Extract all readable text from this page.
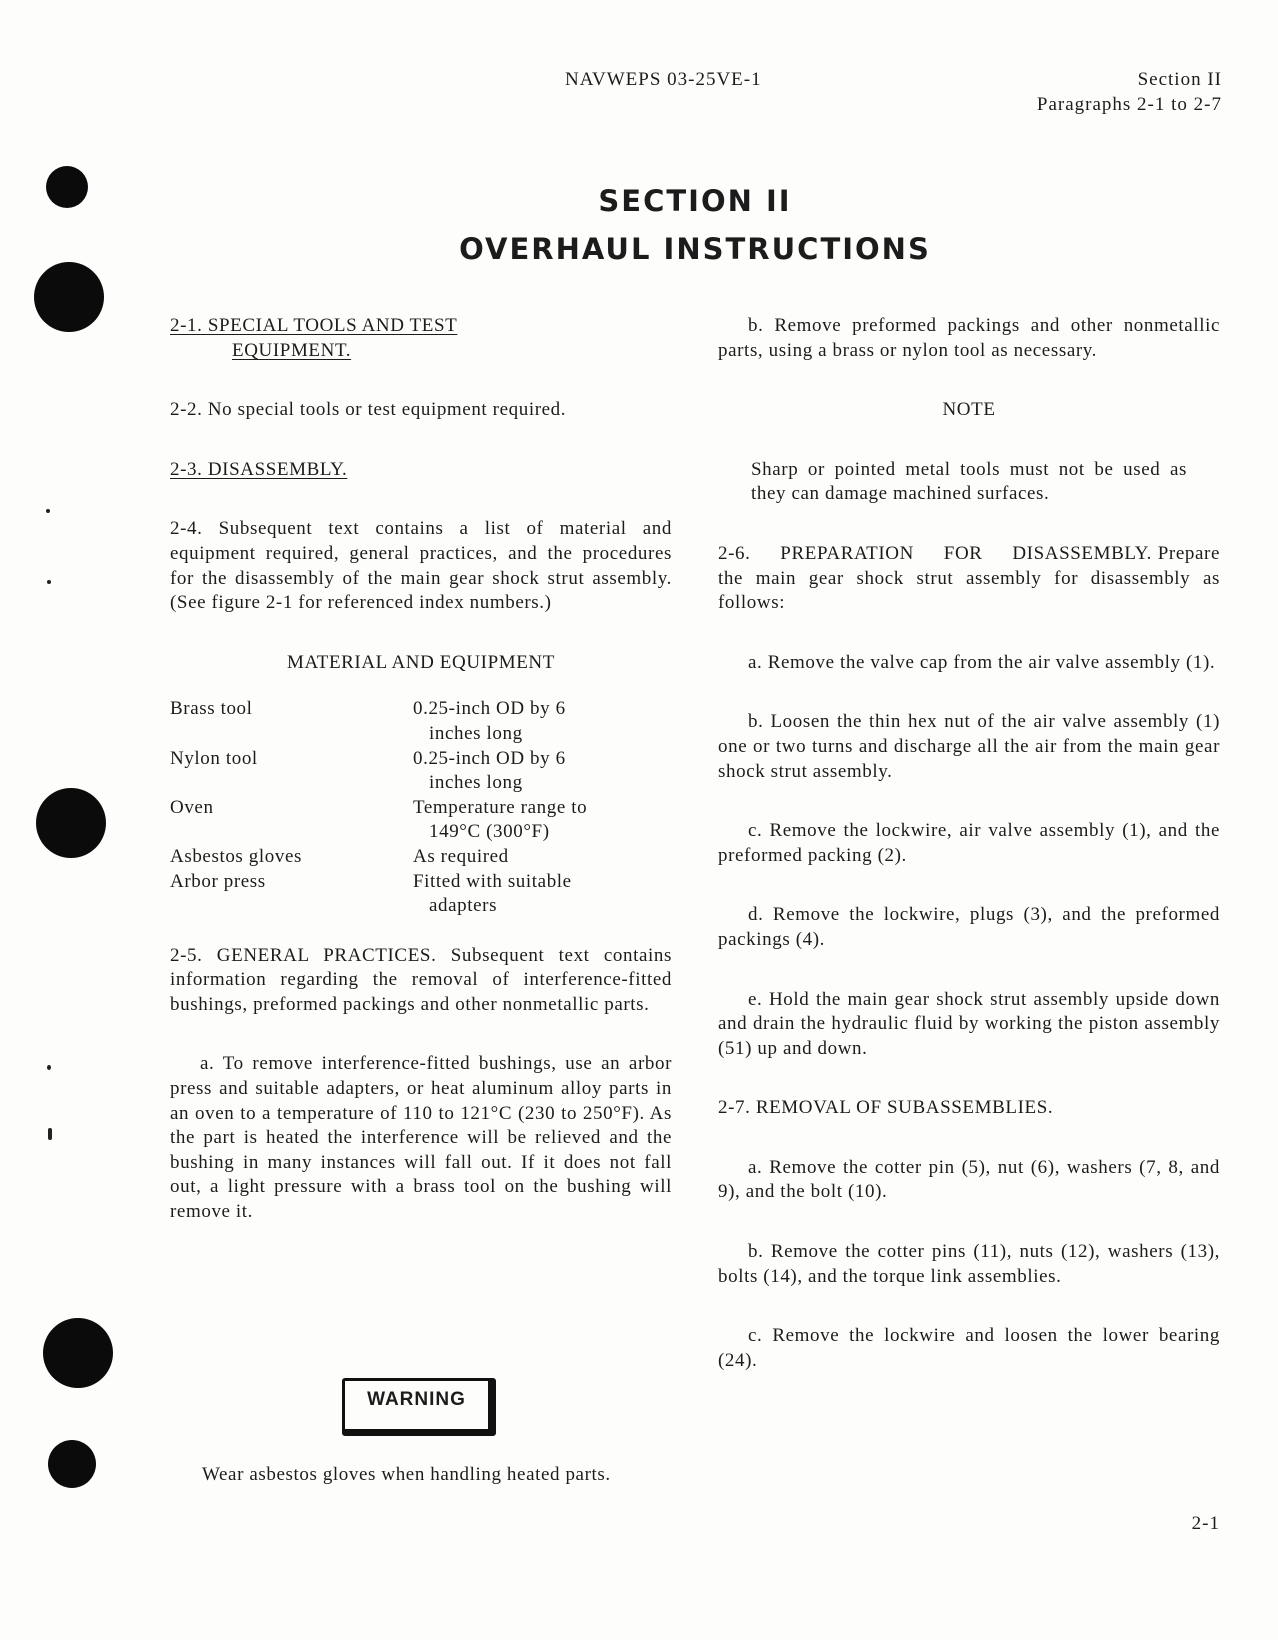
NAVWEPS 03-25VE-1	Section II
Paragraphs 2-1 to 2-7
SECTION II
OVERHAUL INSTRUCTIONS

2-1. SPECIAL TOOLS AND TEST
EQUIPMENT.

2-2. No special tools or test equipment required.

2-3. DISASSEMBLY.

2-4. Subsequent text contains a list of material and equipment required, general practices, and the procedures for the disassembly of the main gear shock strut assembly. (See figure 2-1 for referenced index numbers.)

MATERIAL AND EQUIPMENT

Brass tool	0.25-inch OD by 6
inches long
Nylon tool	0.25-inch OD by 6
inches long
Oven	Temperature range to
149°C (300°F)
Asbestos gloves	As required
Arbor press	Fitted with suitable
adapters

2-5. GENERAL PRACTICES. Subsequent text contains information regarding the removal of interference-fitted bushings, preformed packings and other nonmetallic parts.

a. To remove interference-fitted bushings, use an arbor press and suitable adapters, or heat aluminum alloy parts in an oven to a temperature of 110 to 121°C (230 to 250°F). As the part is heated the interference will be relieved and the bushing in many instances will fall out. If it does not fall out, a light pressure with a brass tool on the bushing will remove it.

WARNING

Wear asbestos gloves when handling heated parts.

b. Remove preformed packings and other nonmetallic parts, using a brass or nylon tool as necessary.

NOTE

Sharp or pointed metal tools must not be used as they can damage machined surfaces.

2-6. PREPARATION FOR DISASSEMBLY. Prepare the main gear shock strut assembly for disassembly as follows:

a. Remove the valve cap from the air valve assembly (1).

b. Loosen the thin hex nut of the air valve assembly (1) one or two turns and discharge all the air from the main gear shock strut assembly.

c. Remove the lockwire, air valve assembly (1), and the preformed packing (2).

d. Remove the lockwire, plugs (3), and the preformed packings (4).

e. Hold the main gear shock strut assembly upside down and drain the hydraulic fluid by working the piston assembly (51) up and down.

2-7. REMOVAL OF SUBASSEMBLIES.

a. Remove the cotter pin (5), nut (6), washers (7, 8, and 9), and the bolt (10).

b. Remove the cotter pins (11), nuts (12), washers (13), bolts (14), and the torque link assemblies.

c. Remove the lockwire and loosen the lower bearing (24).

2-1
